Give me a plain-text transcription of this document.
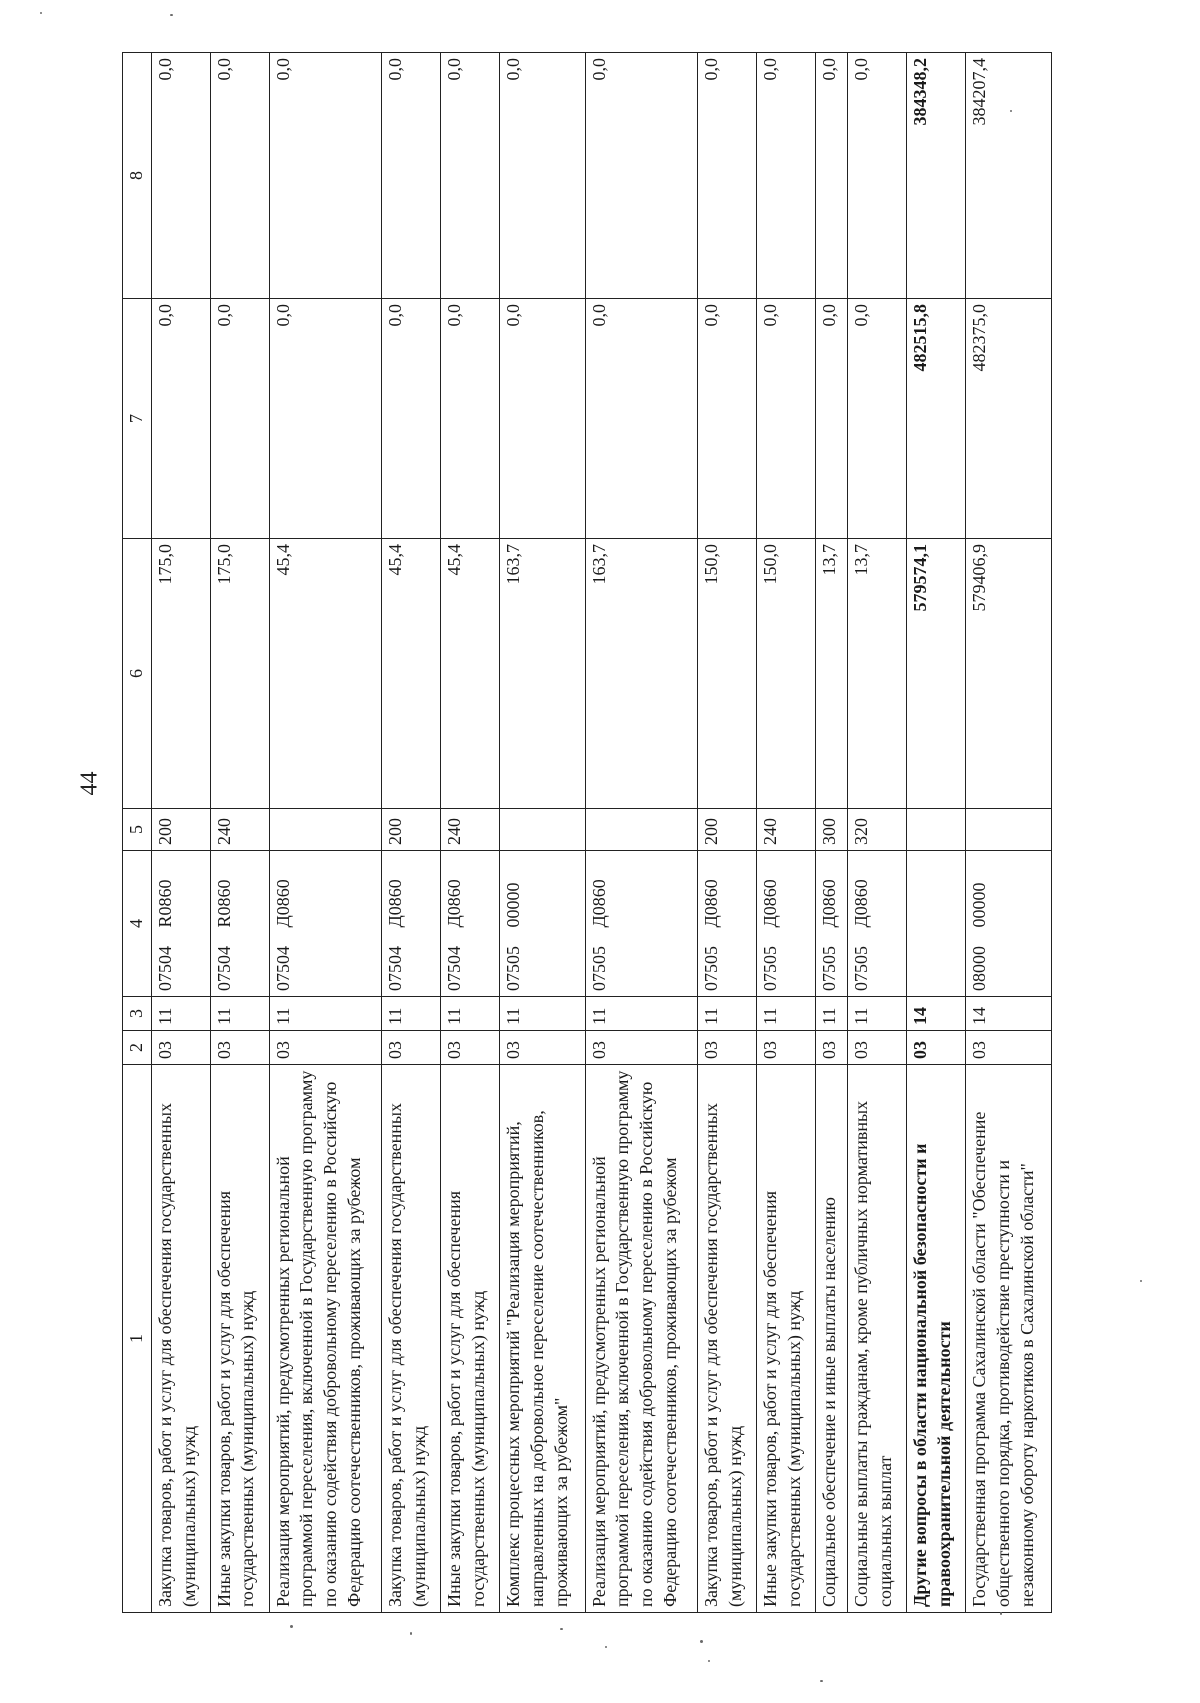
44
1	2	3	4	5	6	7	8
Закупка товаров, работ и услуг для обеспечения государственных (муниципальных) нужд	03	11	07504 R0860	200	175,0	0,0	0,0
Иные закупки товаров, работ и услуг для обеспечения государственных (муниципальных) нужд	03	11	07504 R0860	240	175,0	0,0	0,0
Реализация мероприятий, предусмотренных региональной программой переселения, включенной в Государственную программу по оказанию содействия добровольному переселению в Российскую Федерацию соотечественников, проживающих за рубежом	03	11	07504 Д0860		45,4	0,0	0,0
Закупка товаров, работ и услуг для обеспечения государственных (муниципальных) нужд	03	11	07504 Д0860	200	45,4	0,0	0,0
Иные закупки товаров, работ и услуг для обеспечения государственных (муниципальных) нужд	03	11	07504 Д0860	240	45,4	0,0	0,0
Комплекс процессных мероприятий "Реализация мероприятий, направленных на добровольное переселение соотечественников, проживающих за рубежом"	03	11	07505 00000		163,7	0,0	0,0
Реализация мероприятий, предусмотренных региональной программой переселения, включенной в Государственную программу по оказанию содействия добровольному переселению в Российскую Федерацию соотечественников, проживающих за рубежом	03	11	07505 Д0860		163,7	0,0	0,0
Закупка товаров, работ и услуг для обеспечения государственных (муниципальных) нужд	03	11	07505 Д0860	200	150,0	0,0	0,0
Иные закупки товаров, работ и услуг для обеспечения государственных (муниципальных) нужд	03	11	07505 Д0860	240	150,0	0,0	0,0
Социальное обеспечение и иные выплаты населению	03	11	07505 Д0860	300	13,7	0,0	0,0
Социальные выплаты гражданам, кроме публичных нормативных социальных выплат	03	11	07505 Д0860	320	13,7	0,0	0,0
Другие вопросы в области национальной безопасности и правоохранительной деятельности	03	14			579574,1	482515,8	384348,2
Государственная программа Сахалинской области "Обеспечение общественного порядка, противодействие преступности и незаконному обороту наркотиков в Сахалинской области"	03	14	08000 00000		579406,9	482375,0	384207,4
